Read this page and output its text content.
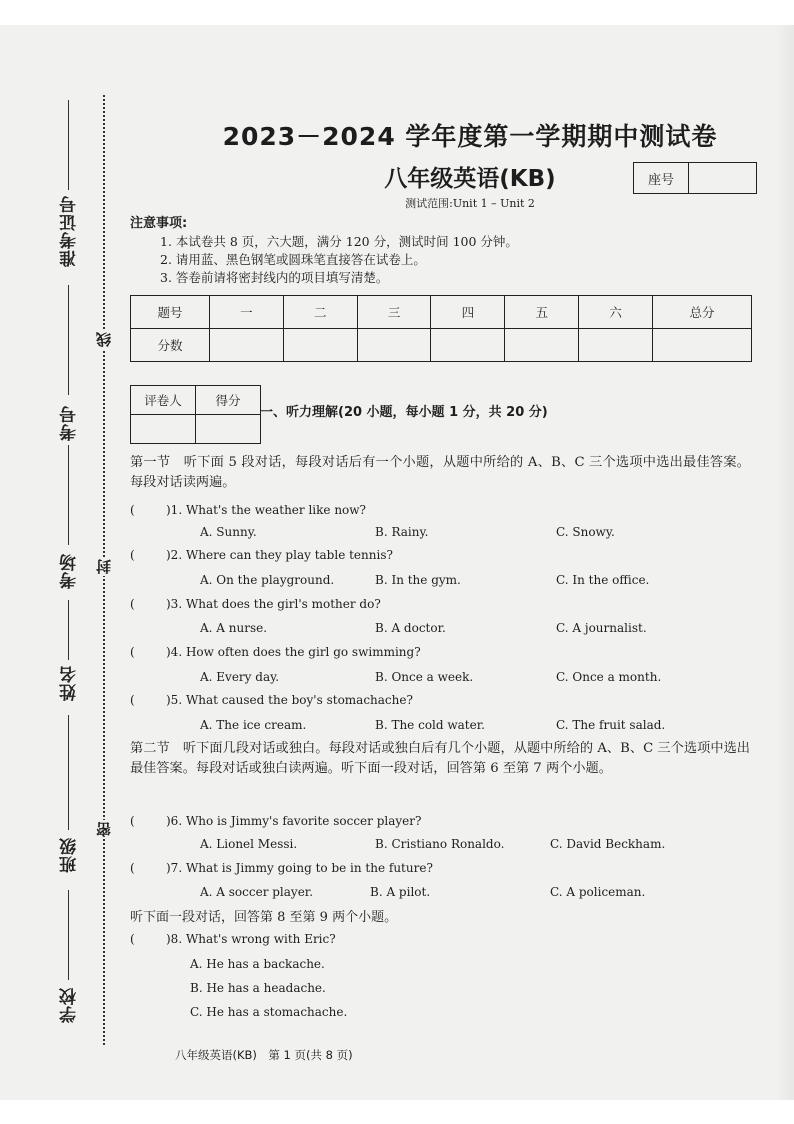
准考证号
考号
考场
姓名
班级
学校
线
封
密
2023－2024 学年度第一学期期中测试卷
八年级英语(KB)	座号
测试范围:Unit 1 – Unit 2
注意事项:
1. 本试卷共 8 页，六大题，满分 120 分，测试时间 100 分钟。
2. 请用蓝、黑色钢笔或圆珠笔直接答在试卷上。
3. 答卷前请将密封线内的项目填写清楚。
题号	一	二	三	四	五	六	总分
分数							
评卷人	得分

一、听力理解(20 小题，每小题 1 分，共 20 分)
第一节　听下面 5 段对话，每段对话后有一个小题，从题中所给的 A、B、C 三个选项中选出最佳答案。每段对话读两遍。
(	)1. What's the weather like now?
A. Sunny.	B. Rainy.	C. Snowy.
(	)2. Where can they play table tennis?
A. On the playground.	B. In the gym.	C. In the office.
(	)3. What does the girl's mother do?
A. A nurse.	B. A doctor.	C. A journalist.
(	)4. How often does the girl go swimming?
A. Every day.	B. Once a week.	C. Once a month.
(	)5. What caused the boy's stomachache?
A. The ice cream.	B. The cold water.	C. The fruit salad.
第二节　听下面几段对话或独白。每段对话或独白后有几个小题，从题中所给的 A、B、C 三个选项中选出最佳答案。每段对话或独白读两遍。听下面一段对话，回答第 6 至第 7 两个小题。
(	)6. Who is Jimmy's favorite soccer player?
A. Lionel Messi.	B. Cristiano Ronaldo.	C. David Beckham.
(	)7. What is Jimmy going to be in the future?
A. A soccer player.	B. A pilot.	C. A policeman.
听下面一段对话，回答第 8 至第 9 两个小题。
(	)8. What's wrong with Eric?
A. He has a backache.
B. He has a headache.
C. He has a stomachache.
八年级英语(KB)　第 1 页(共 8 页)
